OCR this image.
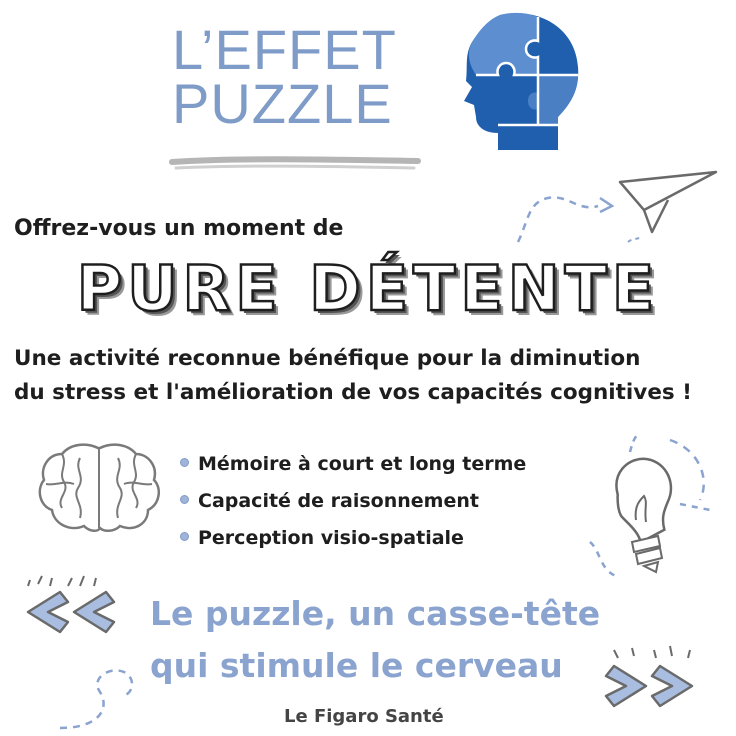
L’EFFET
PUZZLE
Offrez-vous un moment de
PURE DÉTENTE
Une activité reconnue bénéfique pour la diminution
du stress et l'amélioration de vos capacités cognitives !
Mémoire à court et long terme
Capacité de raisonnement
Perception visio-spatiale
Le puzzle, un casse-tête
qui stimule le cerveau
Le Figaro Santé
